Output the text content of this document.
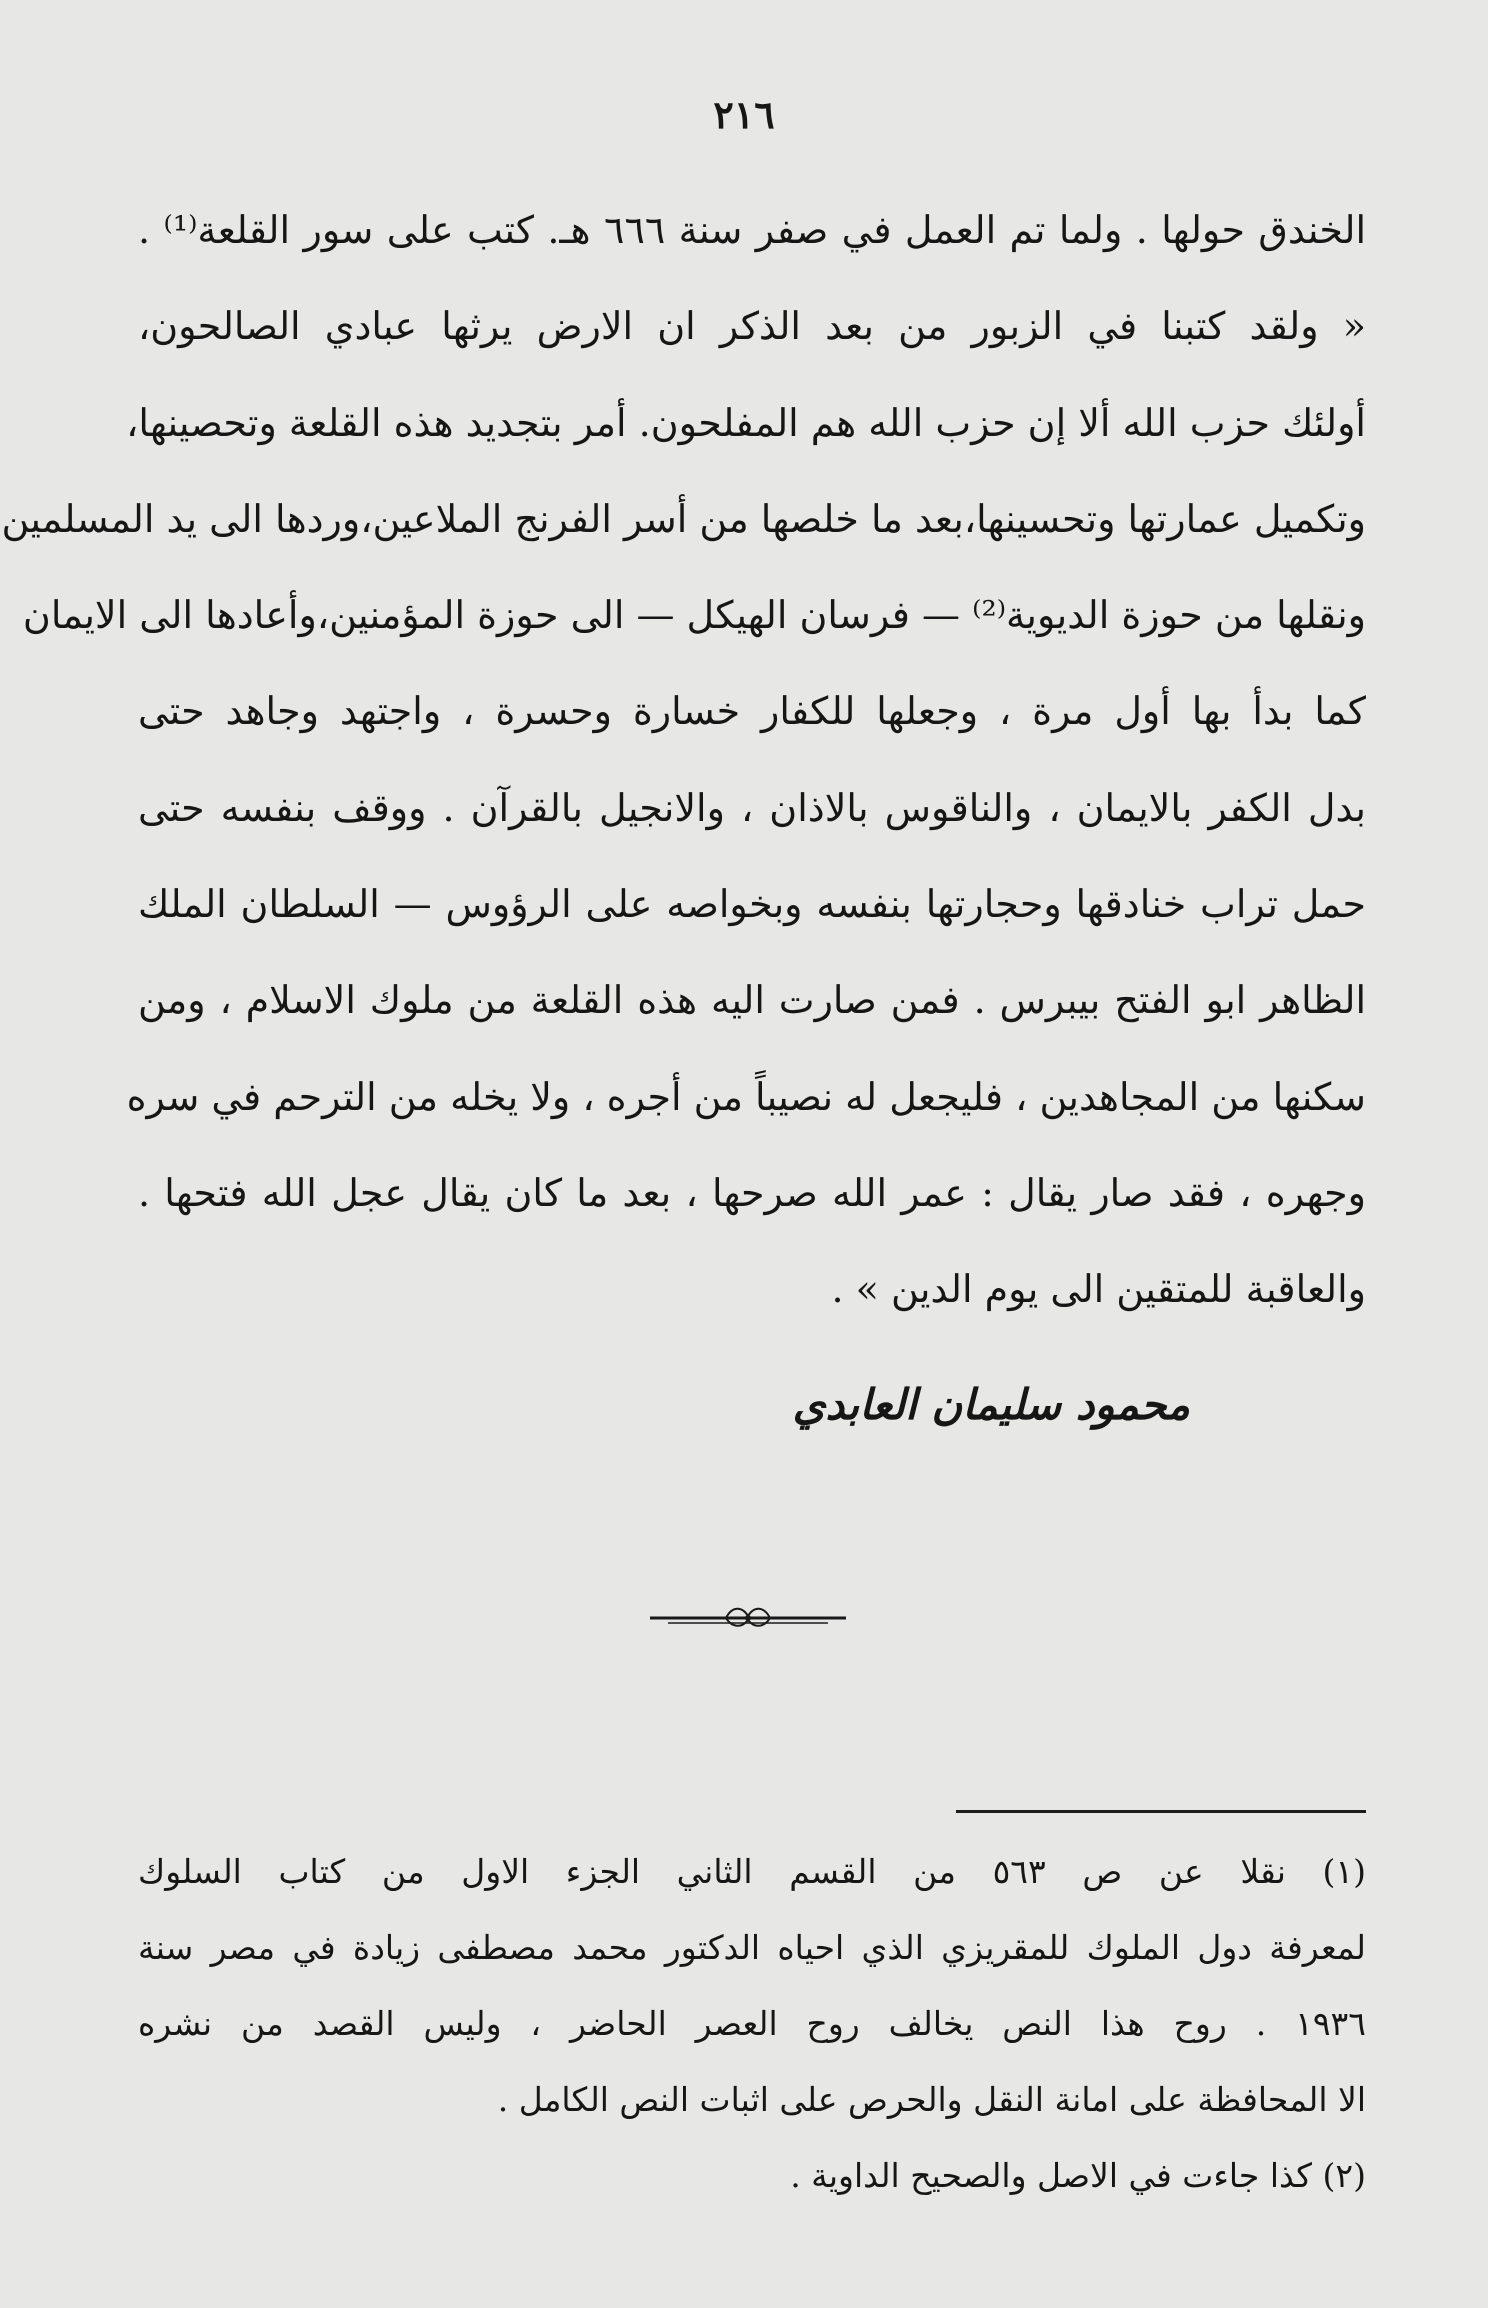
٢١٦
الخندق حولها . ولما تم العمل في صفر سنة ٦٦٦ هـ. كتب على سور القلعة⁽¹⁾ .
« ولقد كتبنا في الزبور من بعد الذكر ان الارض يرثها عبادي الصالحون،
أولئك حزب الله ألا إن حزب الله هم المفلحون. أمر بتجديد هذه القلعة وتحصينها،
وتكميل عمارتها وتحسينها،بعد ما خلصها من أسر الفرنج الملاعين،وردها الى يد المسلمين
ونقلها من حوزة الديوية⁽²⁾ — فرسان الهيكل — الى حوزة المؤمنين،وأعادها الى الايمان
كما بدأ بها أول مرة ، وجعلها للكفار خسارة وحسرة ، واجتهد وجاهد حتى
بدل الكفر بالايمان ، والناقوس بالاذان ، والانجيل بالقرآن . ووقف بنفسه حتى
حمل تراب خنادقها وحجارتها بنفسه وبخواصه على الرؤوس — السلطان الملك
الظاهر ابو الفتح بيبرس . فمن صارت اليه هذه القلعة من ملوك الاسلام ، ومن
سكنها من المجاهدين ، فليجعل له نصيباً من أجره ، ولا يخله من الترحم في سره
وجهره ، فقد صار يقال : عمر الله صرحها ، بعد ما كان يقال عجل الله فتحها .
والعاقبة للمتقين الى يوم الدين » .
محمود سليمان العابدي
(١) نقلا عن ص ٥٦٣ من القسم الثاني الجزء الاول من كتاب السلوك
لمعرفة دول الملوك للمقريزي الذي احياه الدكتور محمد مصطفى زيادة في مصر سنة
١٩٣٦ . روح هذا النص يخالف روح العصر الحاضر ، وليس القصد من نشره
الا المحافظة على امانة النقل والحرص على اثبات النص الكامل .
(٢) كذا جاءت في الاصل والصحيح الداوية .
